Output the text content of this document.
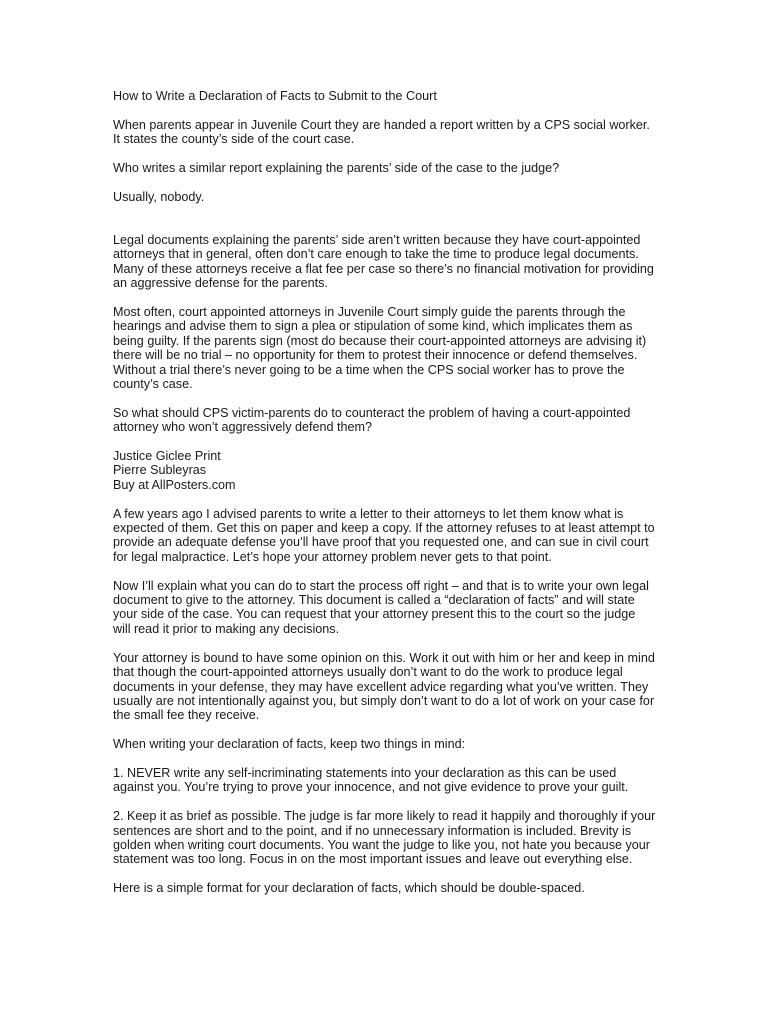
How to Write a Declaration of Facts to Submit to the Court

When parents appear in Juvenile Court they are handed a report written by a CPS social worker.
It states the county’s side of the court case.

Who writes a similar report explaining the parents’ side of the case to the judge?

Usually, nobody.

Legal documents explaining the parents’ side aren’t written because they have court-appointed
attorneys that in general, often don’t care enough to take the time to produce legal documents.
Many of these attorneys receive a flat fee per case so there’s no financial motivation for providing
an aggressive defense for the parents.

Most often, court appointed attorneys in Juvenile Court simply guide the parents through the
hearings and advise them to sign a plea or stipulation of some kind, which implicates them as
being guilty. If the parents sign (most do because their court-appointed attorneys are advising it)
there will be no trial – no opportunity for them to protest their innocence or defend themselves.
Without a trial there’s never going to be a time when the CPS social worker has to prove the
county’s case.

So what should CPS victim-parents do to counteract the problem of having a court-appointed
attorney who won’t aggressively defend them?

Justice Giclee Print
Pierre Subleyras
Buy at AllPosters.com

A few years ago I advised parents to write a letter to their attorneys to let them know what is
expected of them. Get this on paper and keep a copy. If the attorney refuses to at least attempt to
provide an adequate defense you’ll have proof that you requested one, and can sue in civil court
for legal malpractice. Let’s hope your attorney problem never gets to that point.

Now I’ll explain what you can do to start the process off right – and that is to write your own legal
document to give to the attorney. This document is called a “declaration of facts” and will state
your side of the case. You can request that your attorney present this to the court so the judge
will read it prior to making any decisions.

Your attorney is bound to have some opinion on this. Work it out with him or her and keep in mind
that though the court-appointed attorneys usually don’t want to do the work to produce legal
documents in your defense, they may have excellent advice regarding what you’ve written. They
usually are not intentionally against you, but simply don’t want to do a lot of work on your case for
the small fee they receive.

When writing your declaration of facts, keep two things in mind:

1. NEVER write any self-incriminating statements into your declaration as this can be used
against you. You’re trying to prove your innocence, and not give evidence to prove your guilt.

2. Keep it as brief as possible. The judge is far more likely to read it happily and thoroughly if your
sentences are short and to the point, and if no unnecessary information is included. Brevity is
golden when writing court documents. You want the judge to like you, not hate you because your
statement was too long. Focus in on the most important issues and leave out everything else.

Here is a simple format for your declaration of facts, which should be double-spaced.
